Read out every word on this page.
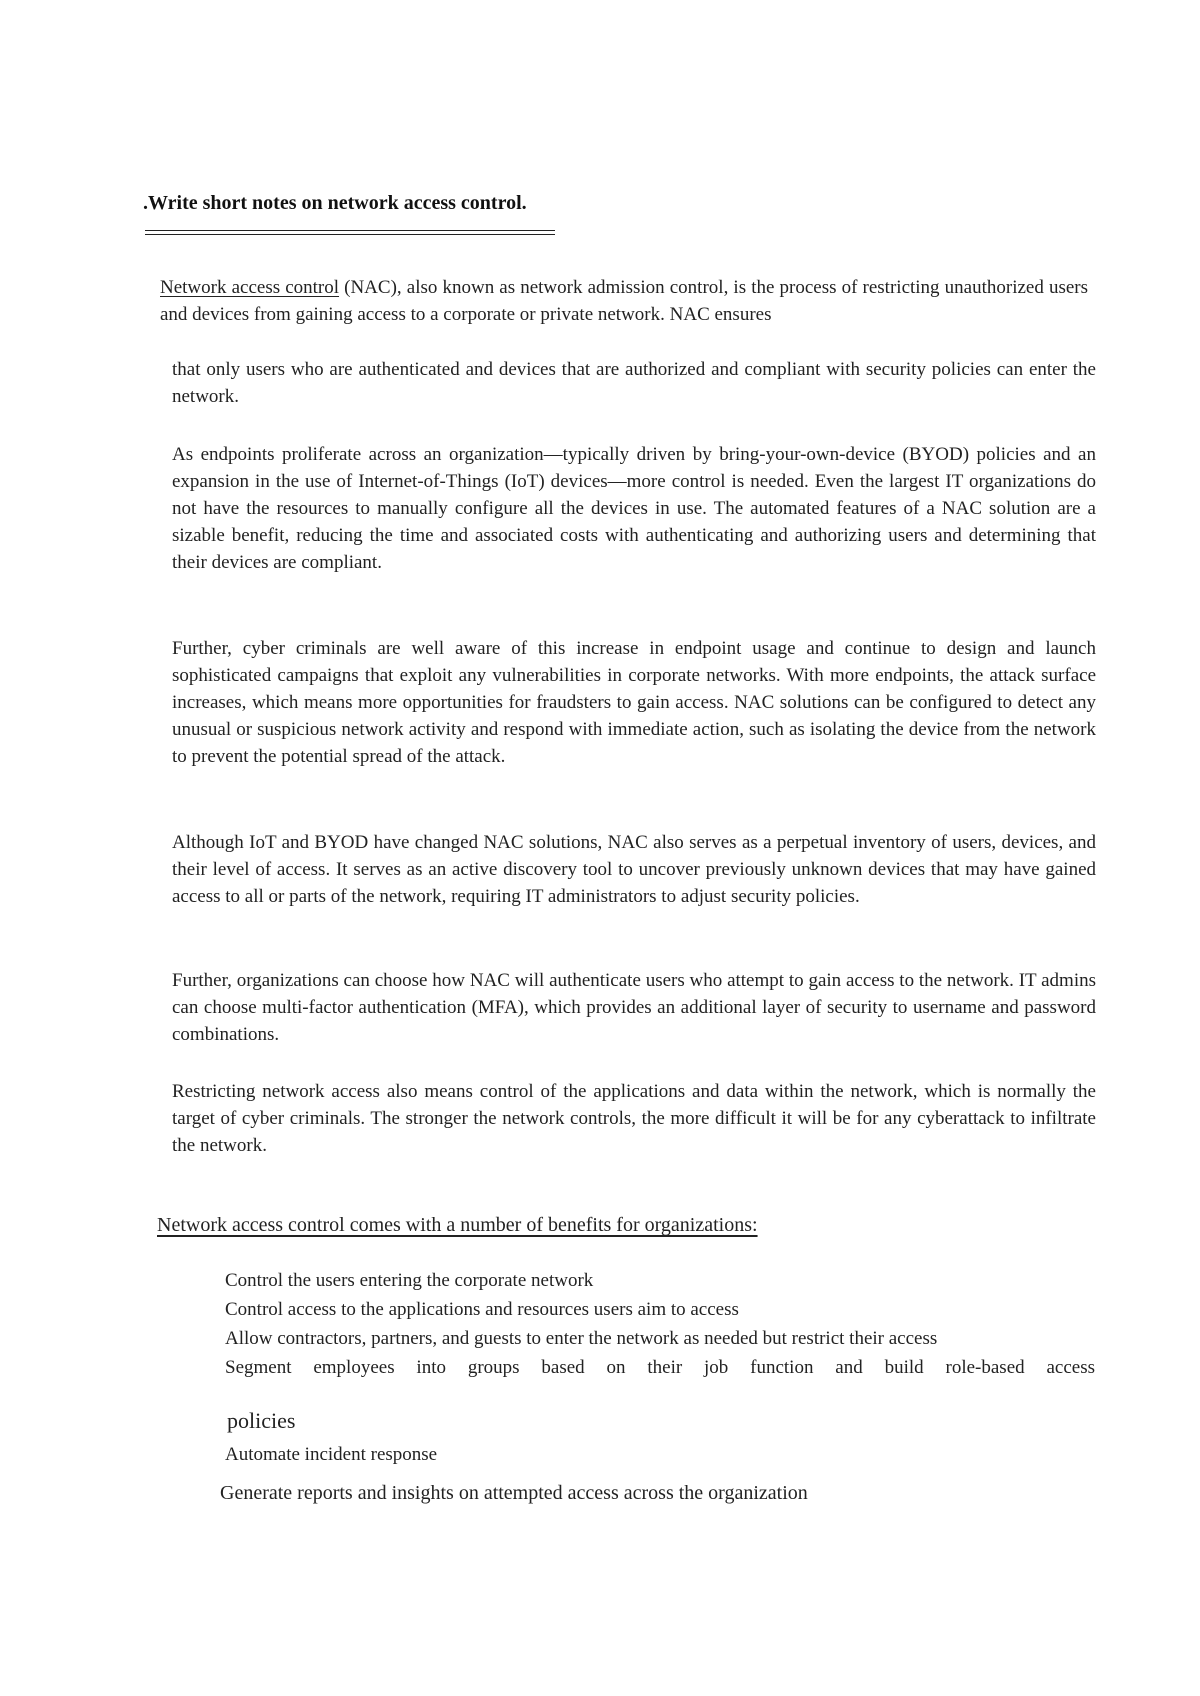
.Write short notes on network access control.
Network access control (NAC), also known as network admission control, is the process of restricting unauthorized users and devices from gaining access to a corporate or private network. NAC ensures
that only users who are authenticated and devices that are authorized and compliant with security policies can enter the network.
As endpoints proliferate across an organization—typically driven by bring-your-own-device (BYOD) policies and an expansion in the use of Internet-of-Things (IoT) devices—more control is needed. Even the largest IT organizations do not have the resources to manually configure all the devices in use. The automated features of a NAC solution are a sizable benefit, reducing the time and associated costs with authenticating and authorizing users and determining that their devices are compliant.
Further, cyber criminals are well aware of this increase in endpoint usage and continue to design and launch sophisticated campaigns that exploit any vulnerabilities in corporate networks. With more endpoints, the attack surface increases, which means more opportunities for fraudsters to gain access. NAC solutions can be configured to detect any unusual or suspicious network activity and respond with immediate action, such as isolating the device from the network to prevent the potential spread of the attack.
Although IoT and BYOD have changed NAC solutions, NAC also serves as a perpetual inventory of users, devices, and their level of access. It serves as an active discovery tool to uncover previously unknown devices that may have gained access to all or parts of the network, requiring IT administrators to adjust security policies.
Further, organizations can choose how NAC will authenticate users who attempt to gain access to the network. IT admins can choose multi-factor authentication (MFA), which provides an additional layer of security to username and password combinations.
Restricting network access also means control of the applications and data within the network, which is normally the target of cyber criminals. The stronger the network controls, the more difficult it will be for any cyberattack to infiltrate the network.
Network access control comes with a number of benefits for organizations:
Control the users entering the corporate network
Control access to the applications and resources users aim to access
Allow contractors, partners, and guests to enter the network as needed but restrict their access
Segment employees into groups based on their job function and build role-based access
policies
Automate incident response
Generate reports and insights on attempted access across the organization
